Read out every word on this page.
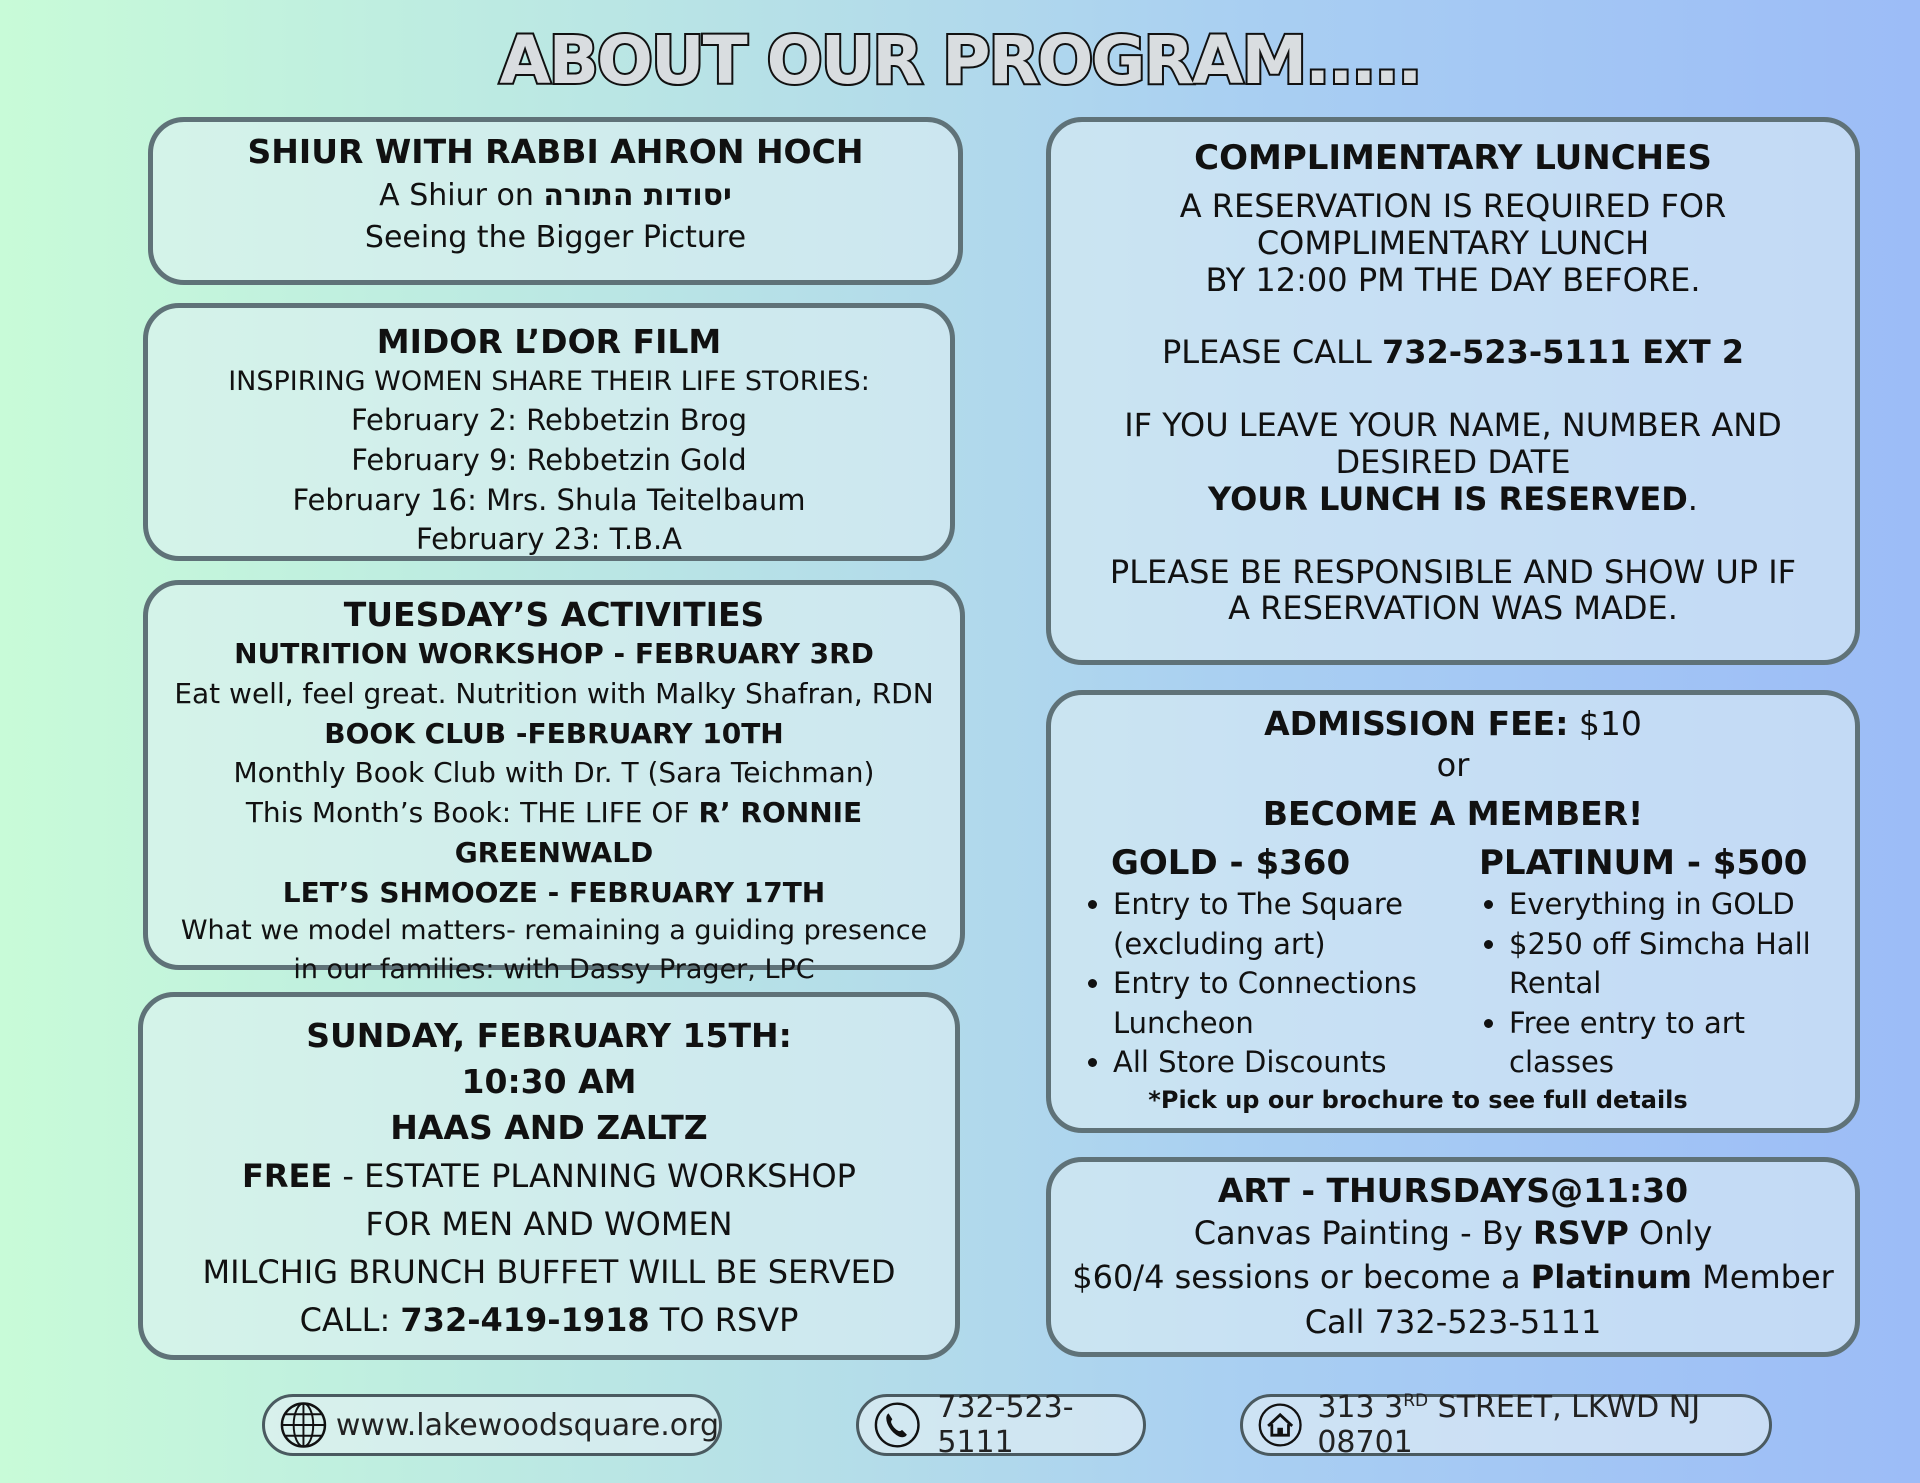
ABOUT OUR PROGRAM.....
SHIUR WITH RABBI AHRON HOCH
A Shiur on יסודות התורה
Seeing the Bigger Picture
MIDOR L’DOR FILM
INSPIRING WOMEN SHARE THEIR LIFE STORIES:
February 2: Rebbetzin Brog
February 9: Rebbetzin Gold
February 16: Mrs. Shula Teitelbaum
February 23: T.B.A
TUESDAY’S ACTIVITIES
NUTRITION WORKSHOP - FEBRUARY 3RD
Eat well, feel great. Nutrition with Malky Shafran, RDN
BOOK CLUB -FEBRUARY 10TH
Monthly Book Club with Dr. T (Sara Teichman)
This Month’s Book: THE LIFE OF R’ RONNIE GREENWALD
LET’S SHMOOZE - FEBRUARY 17TH
What we model matters- remaining a guiding presence
in our families: with Dassy Prager, LPC
SUNDAY, FEBRUARY 15TH:
10:30 AM
HAAS AND ZALTZ
FREE - ESTATE PLANNING WORKSHOP
FOR MEN AND WOMEN
MILCHIG BRUNCH BUFFET WILL BE SERVED
CALL: 732-419-1918 TO RSVP
COMPLIMENTARY LUNCHES
A RESERVATION IS REQUIRED FOR
COMPLIMENTARY LUNCH
BY 12:00 PM THE DAY BEFORE.
PLEASE CALL 732-523-5111 EXT 2
IF YOU LEAVE YOUR NAME, NUMBER AND
DESIRED DATE
YOUR LUNCH IS RESERVED.
PLEASE BE RESPONSIBLE AND SHOW UP IF
A RESERVATION WAS MADE.
ADMISSION FEE: $10
or
BECOME A MEMBER!
GOLD - $360
• Entry to The Square (excluding art)
• Entry to Connections Luncheon
• All Store Discounts
PLATINUM - $500
• Everything in GOLD
• $250 off Simcha Hall Rental
• Free entry to art classes
*Pick up our brochure to see full details
ART - THURSDAYS@11:30
Canvas Painting - By RSVP Only
$60/4 sessions or become a Platinum Member
Call 732-523-5111
www.lakewoodsquare.org	732-523-5111
313 3RD STREET, LKWD NJ 08701
